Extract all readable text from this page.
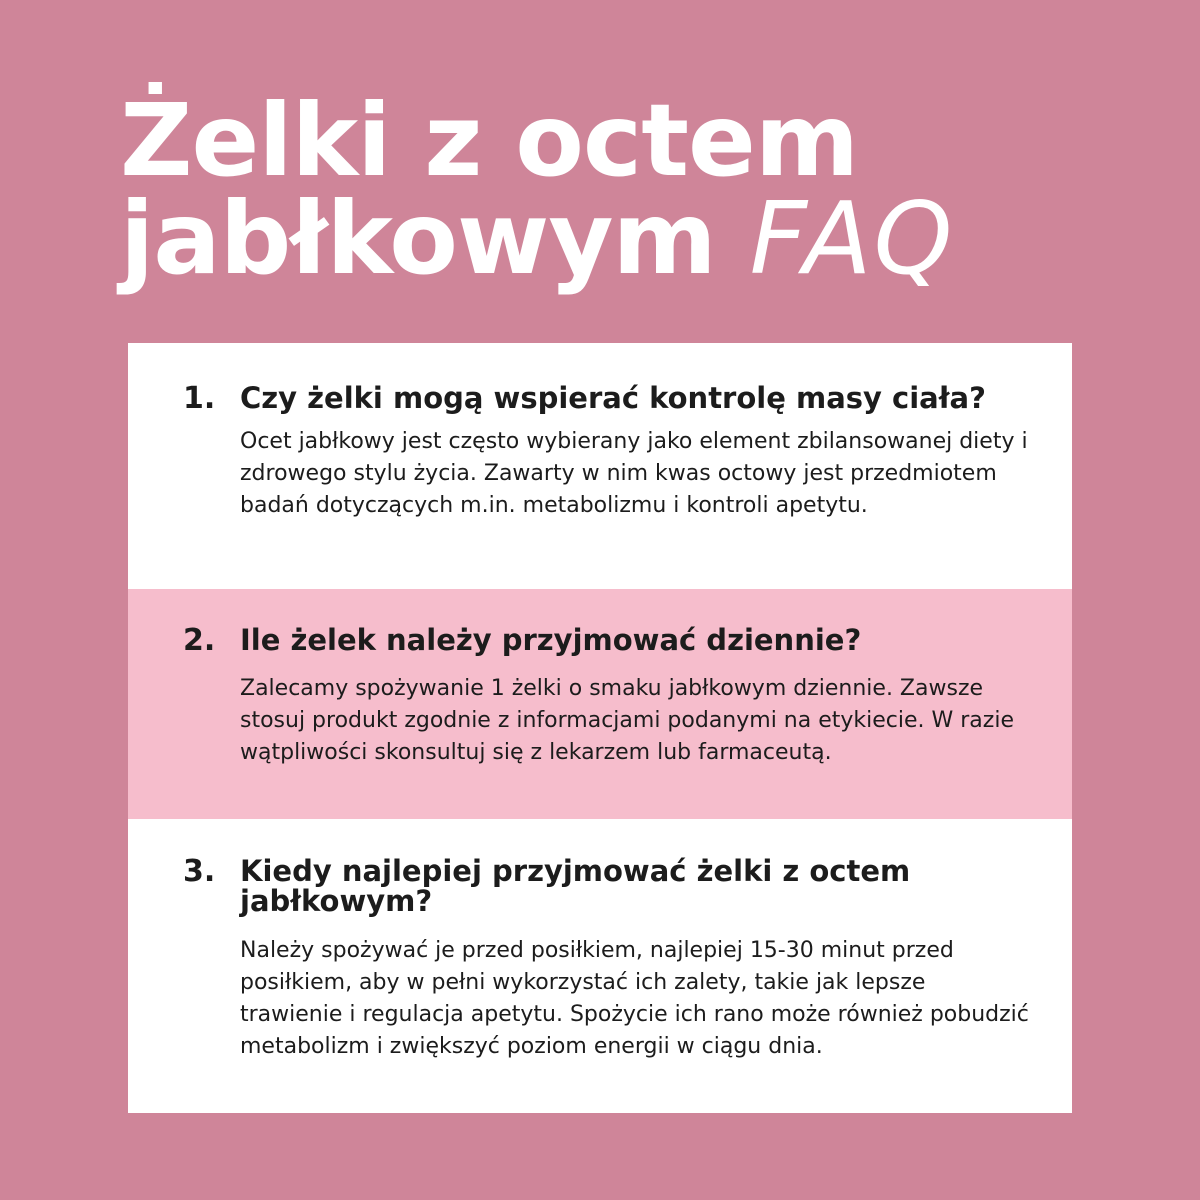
Żelki z octem
jabłkowym FAQ
1. Czy żelki mogą wspierać kontrolę masy ciała?

Ocet jabłkowy jest często wybierany jako element zbilansowanej diety i zdrowego stylu życia. Zawarty w nim kwas octowy jest przedmiotem badań dotyczących m.in. metabolizmu i kontroli apetytu.

2. Ile żelek należy przyjmować dziennie?

Zalecamy spożywanie 1 żelki o smaku jabłkowym dziennie. Zawsze stosuj produkt zgodnie z informacjami podanymi na etykiecie. W razie wątpliwości skonsultuj się z lekarzem lub farmaceutą.

3. Kiedy najlepiej przyjmować żelki z octem jabłkowym?

Należy spożywać je przed posiłkiem, najlepiej 15-30 minut przed posiłkiem, aby w pełni wykorzystać ich zalety, takie jak lepsze trawienie i regulacja apetytu. Spożycie ich rano może również pobudzić metabolizm i zwiększyć poziom energii w ciągu dnia.
